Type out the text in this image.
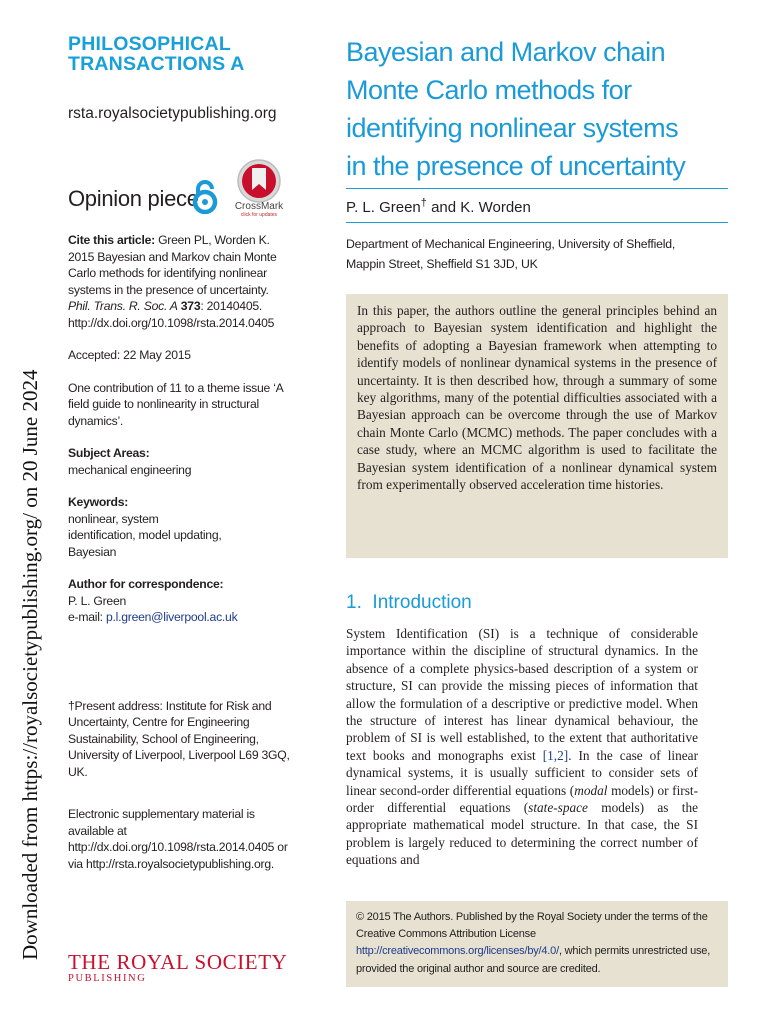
Downloaded from https://royalsocietypublishing.org/ on 20 June 2024
PHILOSOPHICAL
TRANSACTIONS A
rsta.royalsocietypublishing.org
Opinion piece	CrossMark
click for updates

Cite this article: Green PL, Worden K. 2015 Bayesian and Markov chain Monte Carlo methods for identifying nonlinear systems in the presence of uncertainty. Phil. Trans. R. Soc. A 373: 20140405.
http://dx.doi.org/10.1098/rsta.2014.0405

Accepted: 22 May 2015

One contribution of 11 to a theme issue ‘A field guide to nonlinearity in structural dynamics’.

Subject Areas:

mechanical engineering

Keywords:

nonlinear, system identification, model updating, Bayesian

Author for correspondence:

P. L. Green

e-mail: p.l.green@liverpool.ac.uk

†Present address: Institute for Risk and Uncertainty, Centre for Engineering Sustainability, School of Engineering, University of Liverpool, Liverpool L69 3GQ, UK.

Electronic supplementary material is available at http://dx.doi.org/10.1098/rsta.2014.0405 or via http://rsta.royalsocietypublishing.org.

THE ROYAL SOCIETY
PUBLISHING
Bayesian and Markov chain
Monte Carlo methods for
identifying nonlinear systems
in the presence of uncertainty
P. L. Green† and K. Worden
Department of Mechanical Engineering, University of Sheffield,
Mappin Street, Sheffield S1 3JD, UK
In this paper, the authors outline the general principles behind an approach to Bayesian system identification and highlight the benefits of adopting a Bayesian framework when attempting to identify models of nonlinear dynamical systems in the presence of uncertainty. It is then described how, through a summary of some key algorithms, many of the potential difficulties associated with a Bayesian approach can be overcome through the use of Markov chain Monte Carlo (MCMC) methods. The paper concludes with a case study, where an MCMC algorithm is used to facilitate the Bayesian system identification of a nonlinear dynamical system from experimentally observed acceleration time histories.
1. Introduction
System Identification (SI) is a technique of considerable importance within the discipline of structural dynamics. In the absence of a complete physics-based description of a system or structure, SI can provide the missing pieces of information that allow the formulation of a descriptive or predictive model. When the structure of interest has linear dynamical behaviour, the problem of SI is well established, to the extent that authoritative text books and monographs exist [1,2]. In the case of linear dynamical systems, it is usually sufficient to consider sets of linear second-order differential equations (modal models) or first-order differential equations (state-space models) as the appropriate mathematical model structure. In that case, the SI problem is largely reduced to determining the correct number of equations and
© 2015 The Authors. Published by the Royal Society under the terms of the Creative Commons Attribution License http://creativecommons.org/licenses/by/4.0/, which permits unrestricted use, provided the original author and source are credited.
